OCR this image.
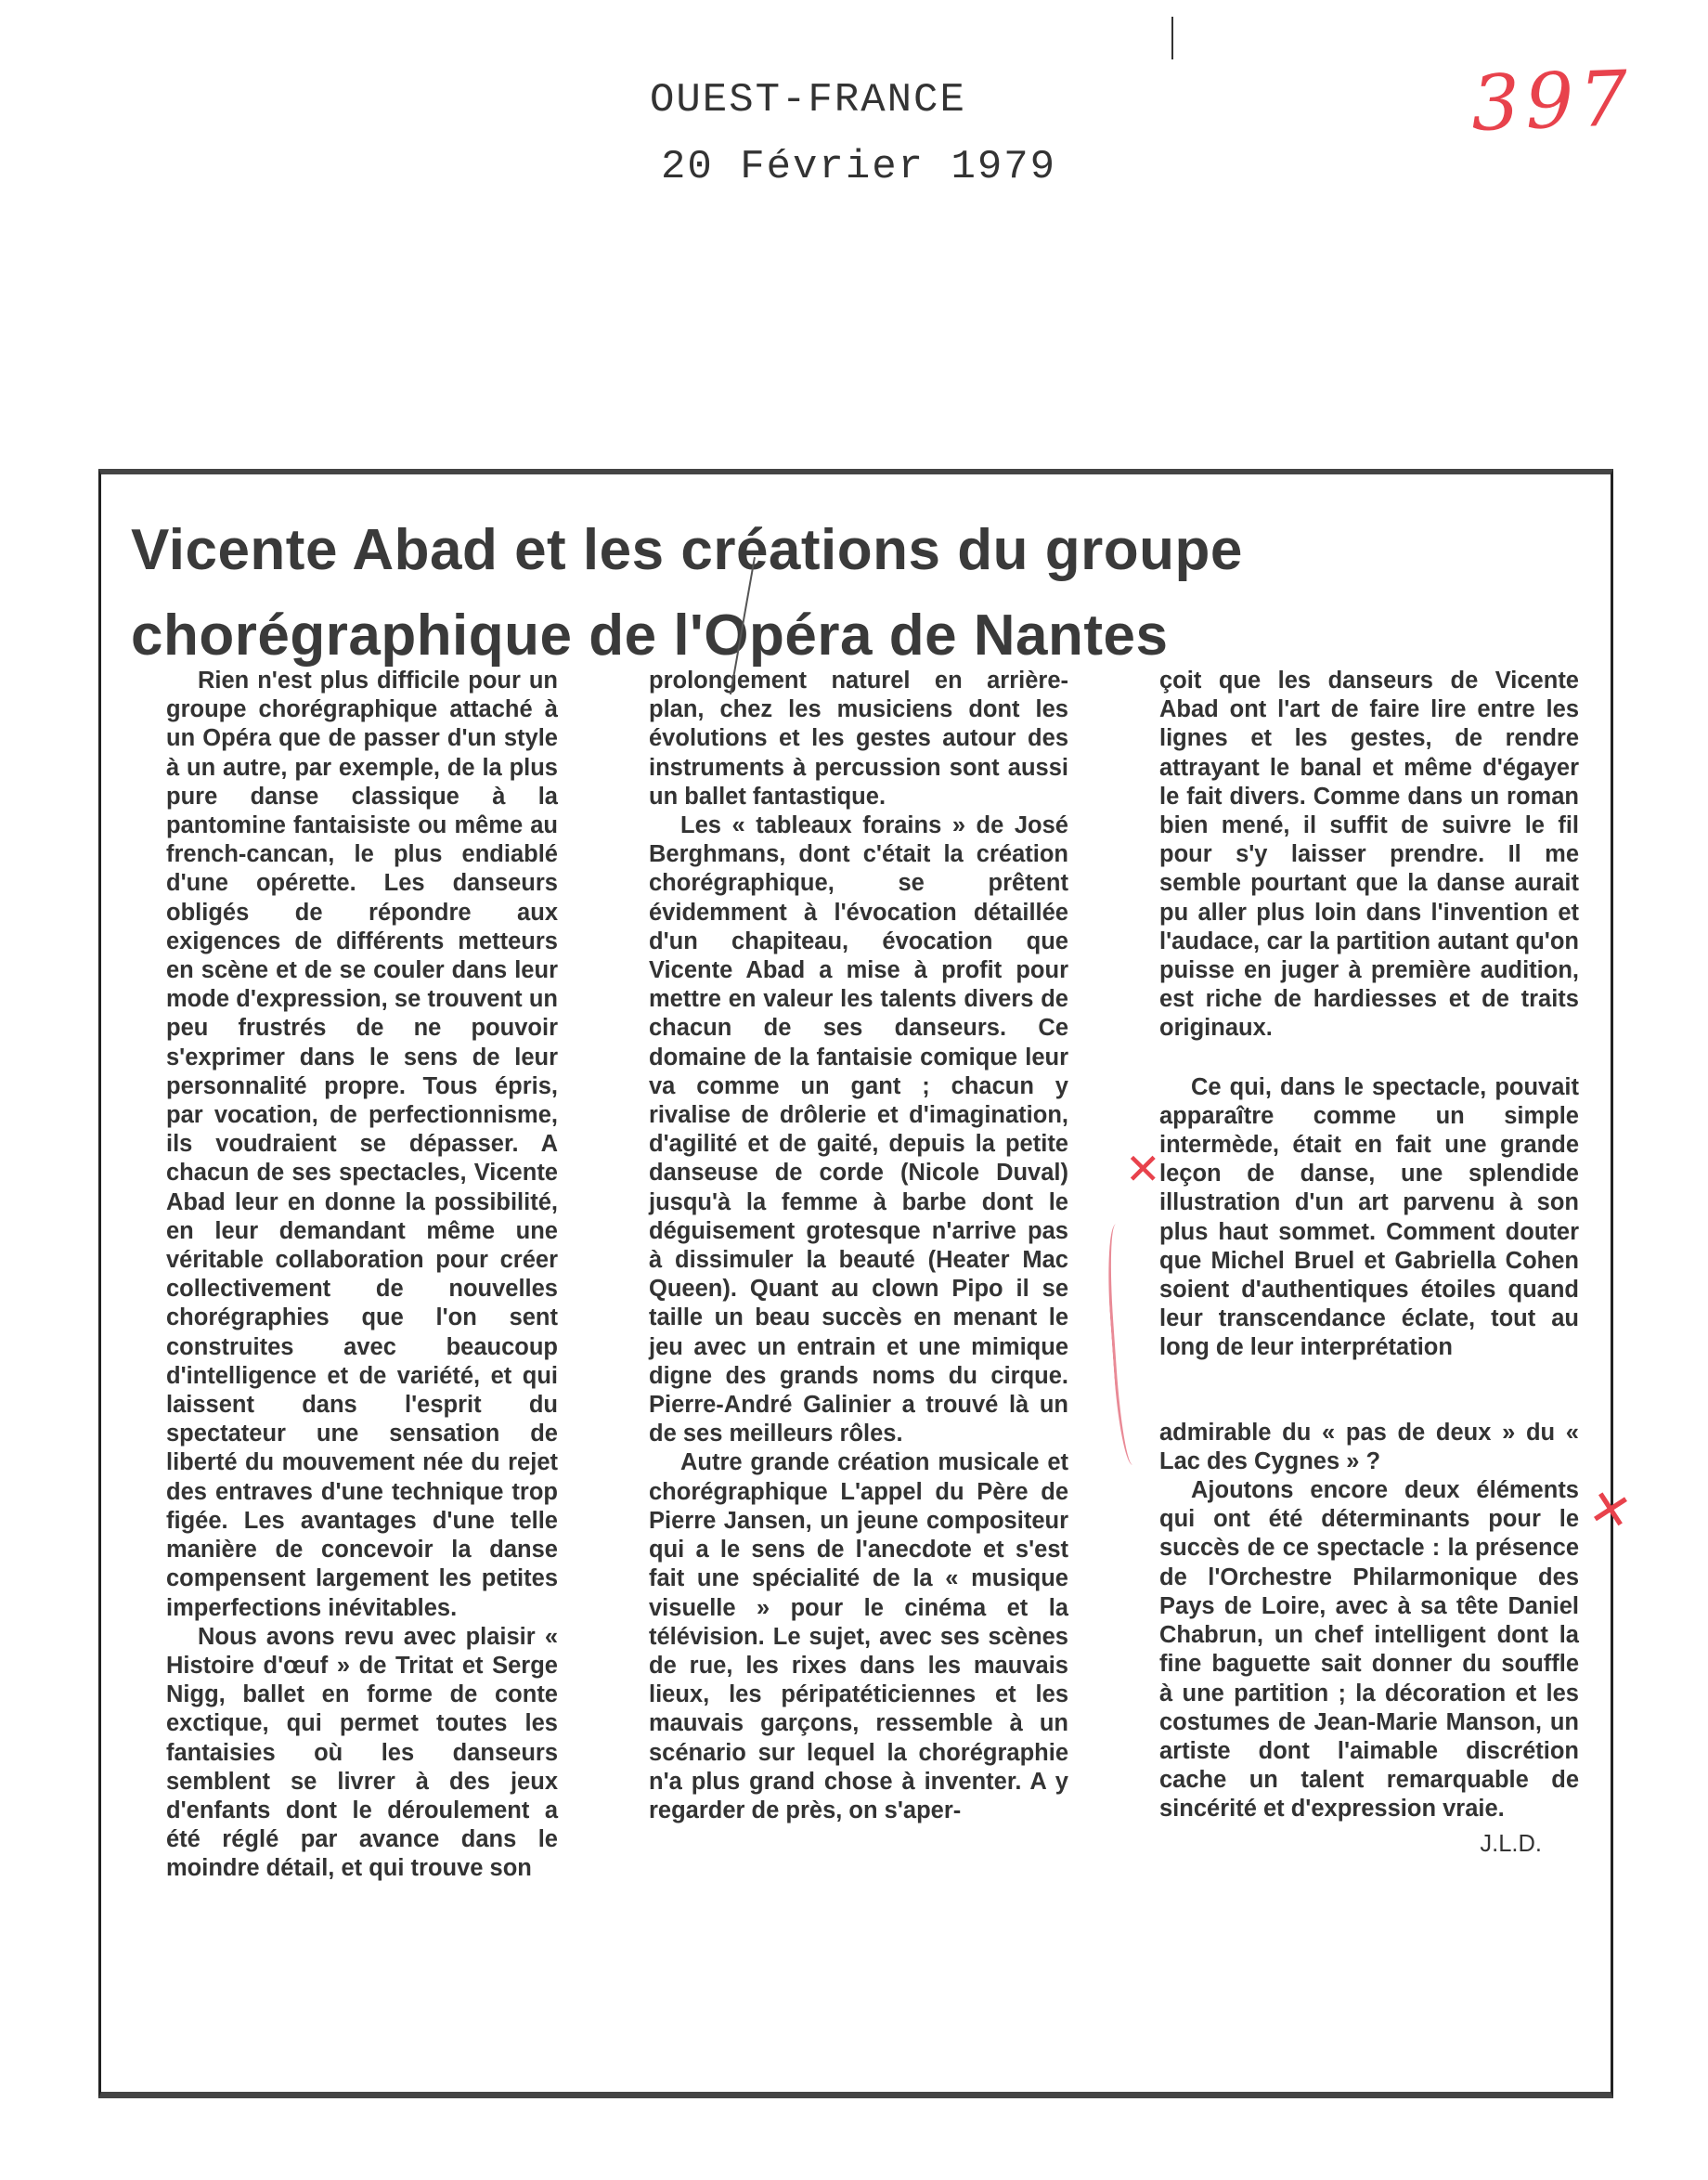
OUEST-FRANCE
20 Février 1979
397
Vicente Abad et les créations du groupe
chorégraphique de l'Opéra de Nantes

Rien n'est plus difficile pour un groupe chorégraphique attaché à un Opéra que de passer d'un style à un autre, par exemple, de la plus pure danse classique à la pantomine fantaisiste ou même au french-cancan, le plus endiablé d'une opérette. Les danseurs obligés de répondre aux exigences de différents metteurs en scène et de se couler dans leur mode d'expression, se trouvent un peu frustrés de ne pouvoir s'exprimer dans le sens de leur personnalité propre. Tous épris, par vocation, de perfectionnisme, ils voudraient se dépasser. A chacun de ses spectacles, Vicente Abad leur en donne la possibilité, en leur demandant même une véritable collaboration pour créer collectivement de nouvelles chorégraphies que l'on sent construites avec beaucoup d'intelligence et de variété, et qui laissent dans l'esprit du spectateur une sensation de liberté du mouvement née du rejet des entraves d'une technique trop figée. Les avantages d'une telle manière de concevoir la danse compensent largement les petites imperfections inévitables.

Nous avons revu avec plaisir « Histoire d'œuf » de Tritat et Serge Nigg, ballet en forme de conte exctique, qui permet toutes les fantaisies où les danseurs semblent se livrer à des jeux d'enfants dont le déroulement a été réglé par avance dans le moindre détail, et qui trouve son

prolongement naturel en arrière-plan, chez les musiciens dont les évolutions et les gestes autour des instruments à percussion sont aussi un ballet fantastique.

Les « tableaux forains » de José Berghmans, dont c'était la création chorégraphique, se prêtent évidemment à l'évocation détaillée d'un chapiteau, évocation que Vicente Abad a mise à profit pour mettre en valeur les talents divers de chacun de ses danseurs. Ce domaine de la fantaisie comique leur va comme un gant ; chacun y rivalise de drôlerie et d'imagination, d'agilité et de gaité, depuis la petite danseuse de corde (Nicole Duval) jusqu'à la femme à barbe dont le déguisement grotesque n'arrive pas à dissimuler la beauté (Heater Mac Queen). Quant au clown Pipo il se taille un beau succès en menant le jeu avec un entrain et une mimique digne des grands noms du cirque. Pierre-André Galinier a trouvé là un de ses meilleurs rôles.

Autre grande création musicale et chorégraphique L'appel du Père de Pierre Jansen, un jeune compositeur qui a le sens de l'anecdote et s'est fait une spécialité de la « musique visuelle » pour le cinéma et la télévision. Le sujet, avec ses scènes de rue, les rixes dans les mauvais lieux, les péripatéticiennes et les mauvais garçons, ressemble à un scénario sur lequel la chorégraphie n'a plus grand chose à inventer. A y regarder de près, on s'aper-

çoit que les danseurs de Vicente Abad ont l'art de faire lire entre les lignes et les gestes, de rendre attrayant le banal et même d'égayer le fait divers. Comme dans un roman bien mené, il suffit de suivre le fil pour s'y laisser prendre. Il me semble pourtant que la danse aurait pu aller plus loin dans l'invention et l'audace, car la partition autant qu'on puisse en juger à première audition, est riche de hardiesses et de traits originaux.

Ce qui, dans le spectacle, pouvait apparaître comme un simple intermède, était en fait une grande leçon de danse, une splendide illustration d'un art parvenu à son plus haut sommet. Comment douter que Michel Bruel et Gabriella Cohen soient d'authentiques étoiles quand leur transcendance éclate, tout au long de leur interprétation

admirable du « pas de deux » du « Lac des Cygnes » ?

Ajoutons encore deux éléments qui ont été déterminants pour le succès de ce spectacle : la présence de l'Orchestre Philarmonique des Pays de Loire, avec à sa tête Daniel Chabrun, un chef intelligent dont la fine baguette sait donner du souffle à une partition ; la décoration et les costumes de Jean-Marie Manson, un artiste dont l'aimable discrétion cache un talent remarquable de sincérité et d'expression vraie.

J.L.D.
✕
✕
